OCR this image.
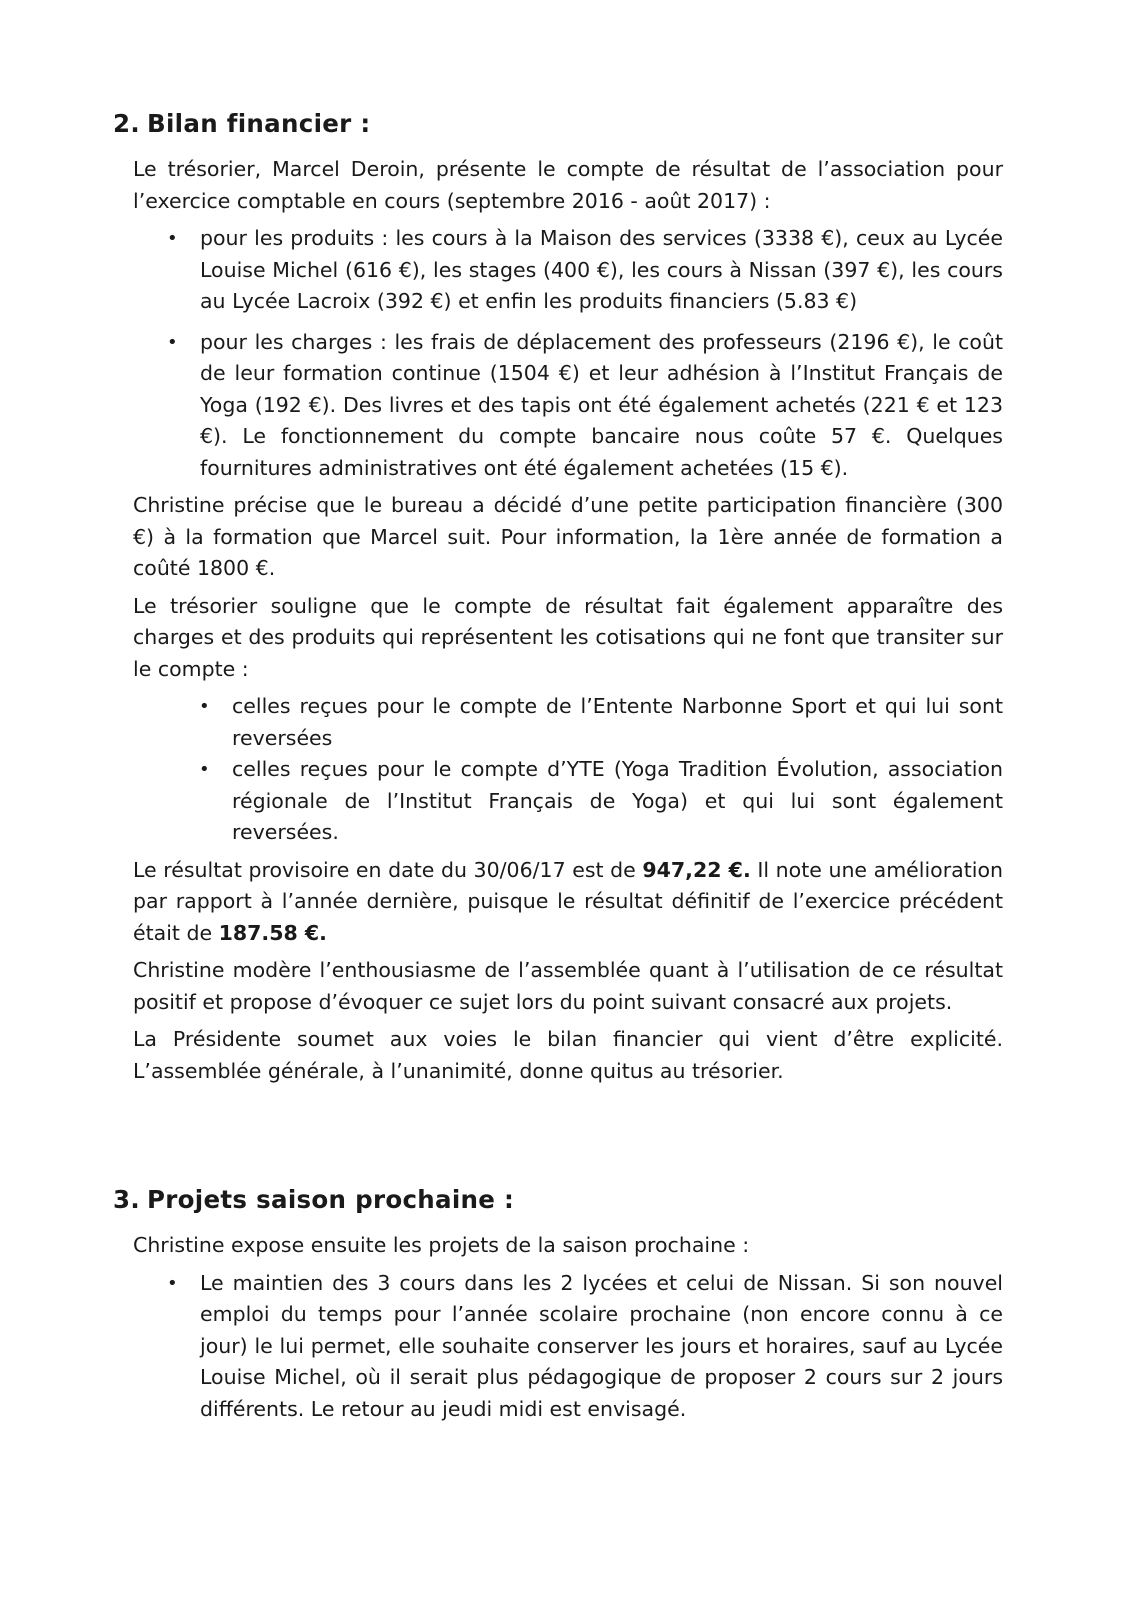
2. Bilan financier :

Le trésorier, Marcel Deroin, présente le compte de résultat de l’association pour l’exercice comptable en cours (septembre 2016 - août 2017) :

• pour les produits : les cours à la Maison des services (3338 €), ceux au Lycée Louise Michel (616 €), les stages (400 €), les cours à Nissan (397 €), les cours au Lycée Lacroix (392 €) et enfin les produits financiers (5.83 €)
• pour les charges : les frais de déplacement des professeurs (2196 €), le coût de leur formation continue (1504 €) et leur adhésion à l’Institut Français de Yoga (192 €). Des livres et des tapis ont été également achetés (221 € et 123 €). Le fonctionnement du compte bancaire nous coûte 57 €. Quelques fournitures administratives ont été également achetées (15 €).

Christine précise que le bureau a décidé d’une petite participation financière (300 €) à la formation que Marcel suit. Pour information, la 1ère année de formation a coûté 1800 €.

Le trésorier souligne que le compte de résultat fait également apparaître des charges et des produits qui représentent les cotisations qui ne font que transiter sur le compte :

• celles reçues pour le compte de l’Entente Narbonne Sport et qui lui sont reversées
• celles reçues pour le compte d’YTE (Yoga Tradition Évolution, association régionale de l’Institut Français de Yoga) et qui lui sont également reversées.

Le résultat provisoire en date du 30/06/17 est de 947,22 €. Il note une amélioration par rapport à l’année dernière, puisque le résultat définitif de l’exercice précédent était de 187.58 €.

Christine modère l’enthousiasme de l’assemblée quant à l’utilisation de ce résultat positif et propose d’évoquer ce sujet lors du point suivant consacré aux projets.

La Présidente soumet aux voies le bilan financier qui vient d’être explicité. L’assemblée générale, à l’unanimité, donne quitus au trésorier.

3. Projets saison prochaine :

Christine expose ensuite les projets de la saison prochaine :

• Le maintien des 3 cours dans les 2 lycées et celui de Nissan. Si son nouvel emploi du temps pour l’année scolaire prochaine (non encore connu à ce jour) le lui permet, elle souhaite conserver les jours et horaires, sauf au Lycée Louise Michel, où il serait plus pédagogique de proposer 2 cours sur 2 jours différents. Le retour au jeudi midi est envisagé.
